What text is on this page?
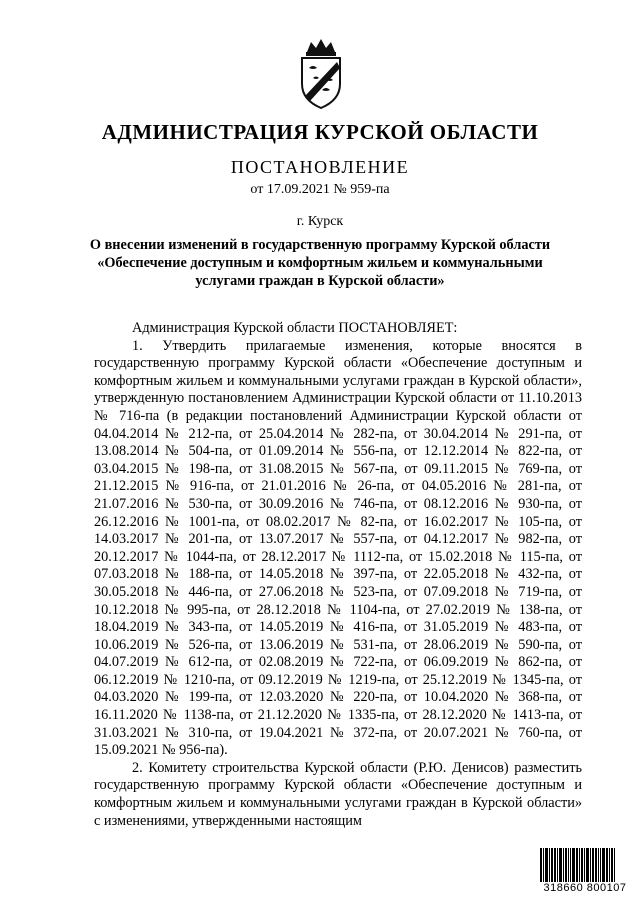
АДМИНИСТРАЦИЯ КУРСКОЙ ОБЛАСТИ
ПОСТАНОВЛЕНИЕ
от 17.09.2021 № 959-па
г. Курск
О внесении изменений в государственную программу Курской области «Обеспечение доступным и комфортным жильем и коммунальными услугами граждан в Курской области»

Администрация Курской области ПОСТАНОВЛЯЕТ:

1. Утвердить прилагаемые изменения, которые вносятся в государственную программу Курской области «Обеспечение доступным и комфортным жильем и коммунальными услугами граждан в Курской области», утвержденную постановлением Администрации Курской области от 11.10.2013 № 716-па (в редакции постановлений Администрации Курской области от 04.04.2014 № 212-па, от 25.04.2014 № 282-па, от 30.04.2014 № 291-па, от 13.08.2014 № 504-па, от 01.09.2014 № 556-па, от 12.12.2014 № 822-па, от 03.04.2015 № 198-па, от 31.08.2015 № 567-па, от 09.11.2015 № 769-па, от 21.12.2015 № 916-па, от 21.01.2016 № 26-па, от 04.05.2016 № 281-па, от 21.07.2016 № 530-па, от 30.09.2016 № 746-па, от 08.12.2016 № 930-па, от 26.12.2016 № 1001-па, от 08.02.2017 № 82-па, от 16.02.2017 № 105-па, от 14.03.2017 № 201-па, от 13.07.2017 № 557-па, от 04.12.2017 № 982-па, от 20.12.2017 № 1044-па, от 28.12.2017 № 1112-па, от 15.02.2018 № 115-па, от 07.03.2018 № 188-па, от 14.05.2018 № 397-па, от 22.05.2018 № 432-па, от 30.05.2018 № 446-па, от 27.06.2018 № 523-па, от 07.09.2018 № 719-па, от 10.12.2018 № 995-па, от 28.12.2018 № 1104-па, от 27.02.2019 № 138-па, от 18.04.2019 № 343-па, от 14.05.2019 № 416-па, от 31.05.2019 № 483-па, от 10.06.2019 № 526-па, от 13.06.2019 № 531-па, от 28.06.2019 № 590-па, от 04.07.2019 № 612-па, от 02.08.2019 № 722-па, от 06.09.2019 № 862-па, от 06.12.2019 № 1210-па, от 09.12.2019 № 1219-па, от 25.12.2019 № 1345-па, от 04.03.2020 № 199-па, от 12.03.2020 № 220-па, от 10.04.2020 № 368-па, от 16.11.2020 № 1138-па, от 21.12.2020 № 1335-па, от 28.12.2020 № 1413-па, от 31.03.2021 № 310-па, от 19.04.2021 № 372-па, от 20.07.2021 № 760-па, от 15.09.2021 № 956-па).

2. Комитету строительства Курской области (Р.Ю. Денисов) разместить государственную программу Курской области «Обеспечение доступным и комфортным жильем и коммунальными услугами граждан в Курской области» с изменениями, утвержденными настоящим

318660 800107
